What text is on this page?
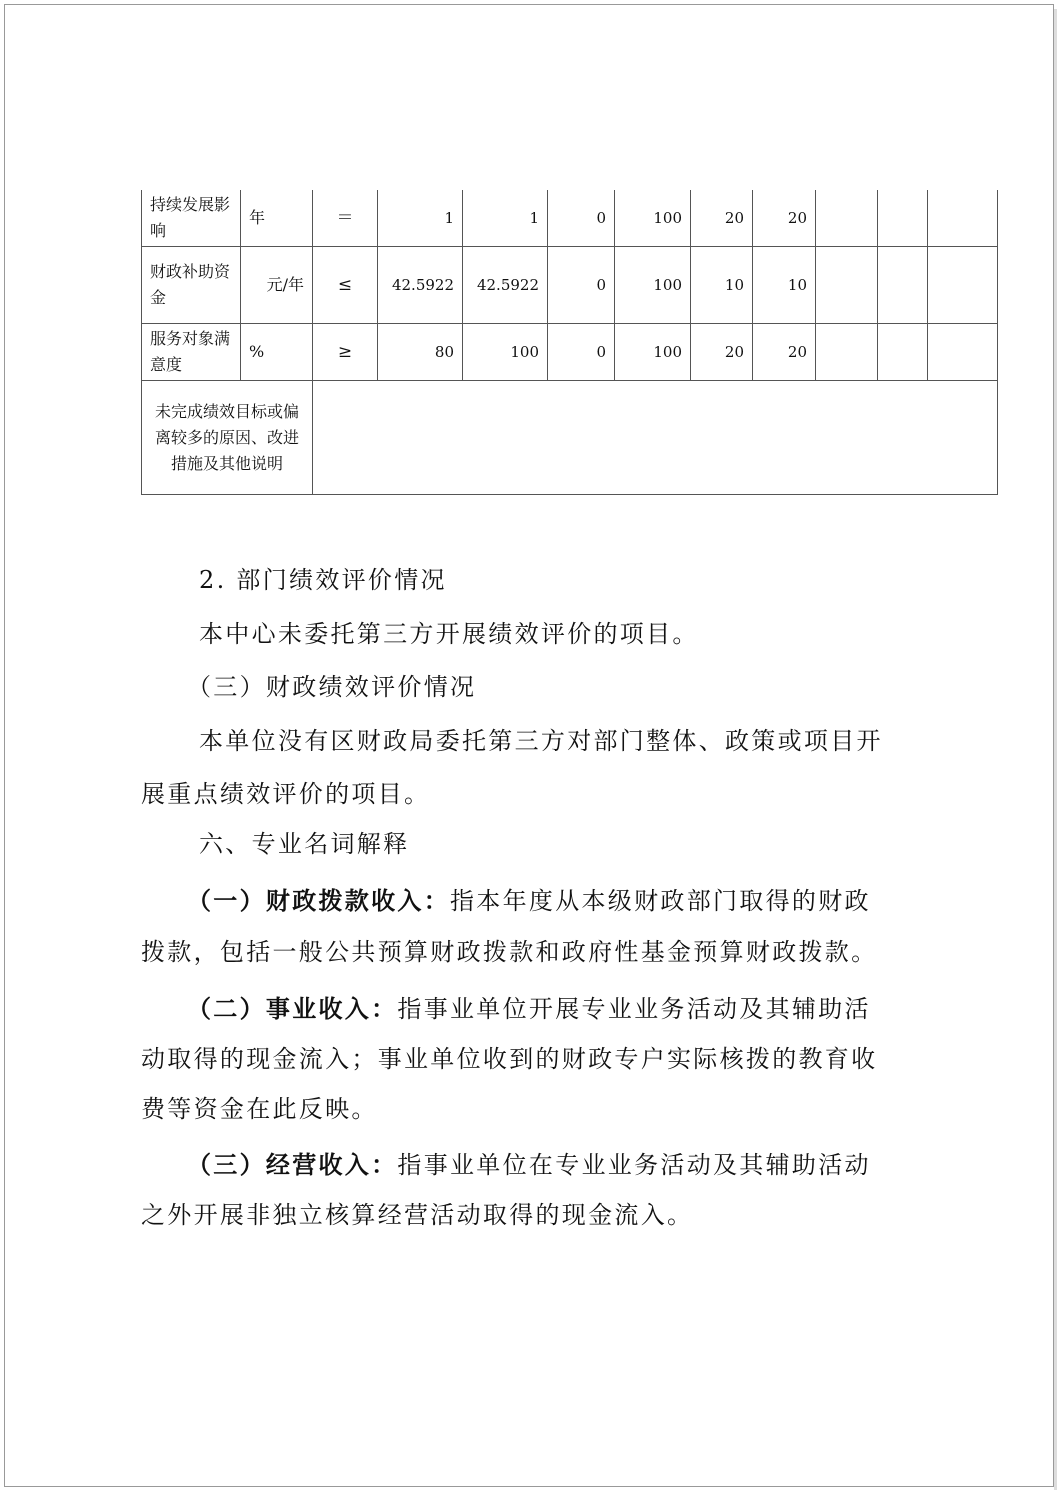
持续发展影响	年	＝	1	1	0	100	20	20			
财政补助资金	元/年	≤	42.5922	42.5922	0	100	10	10			
服务对象满意度	%	≥	80	100	0	100	20	20			
未完成绩效目标或偏离较多的原因、改进措施及其他说明											
2. 部门绩效评价情况
本中心未委托第三方开展绩效评价的项目。
（三）财政绩效评价情况
本单位没有区财政局委托第三方对部门整体、政策或项目开
展重点绩效评价的项目。
六、专业名词解释
（一）财政拨款收入：指本年度从本级财政部门取得的财政
拨款，包括一般公共预算财政拨款和政府性基金预算财政拨款。
（二）事业收入：指事业单位开展专业业务活动及其辅助活
动取得的现金流入；事业单位收到的财政专户实际核拨的教育收
费等资金在此反映。
（三）经营收入：指事业单位在专业业务活动及其辅助活动
之外开展非独立核算经营活动取得的现金流入。
